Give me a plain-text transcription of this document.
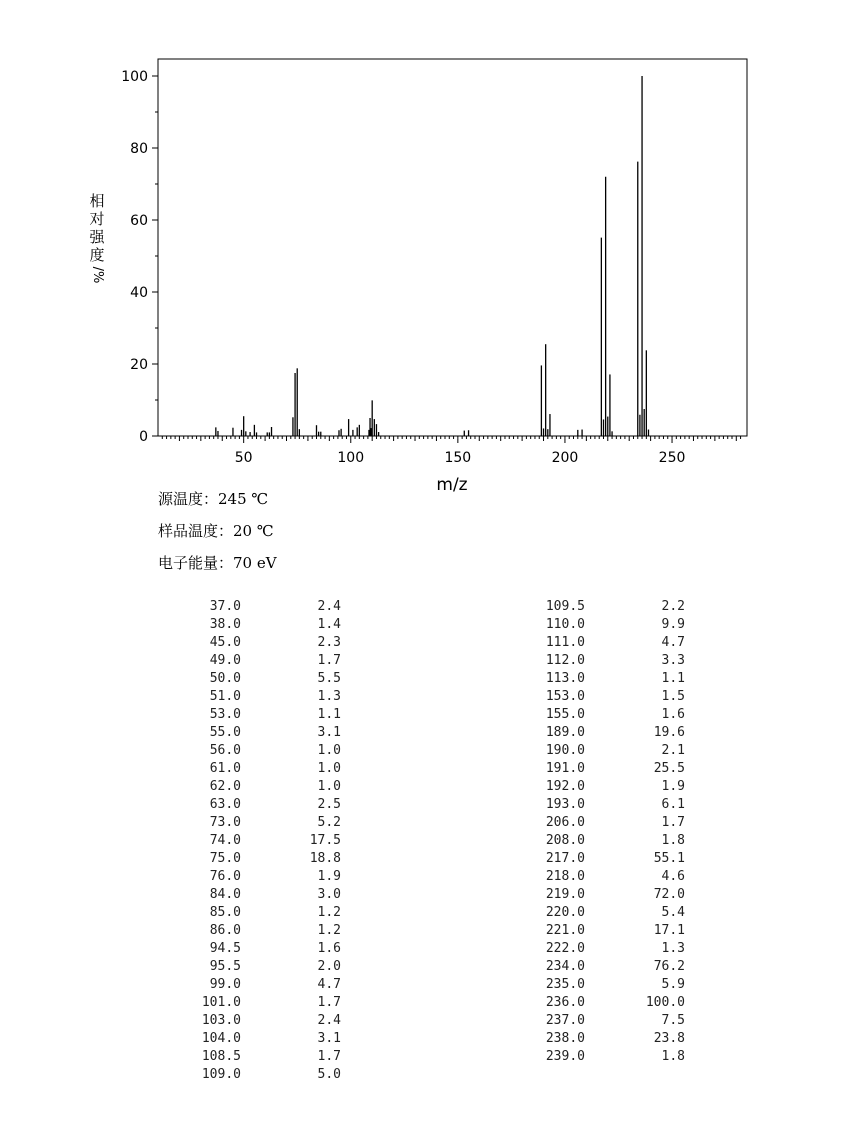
0
20
40
60
80
100
50	100	150	200	250
m/z
相对强度
/%
源温度：245 ℃
样品温度：20 ℃
电子能量：70 eV
37.0	2.4
38.0	1.4
45.0	2.3
49.0	1.7
50.0	5.5
51.0	1.3
53.0	1.1
55.0	3.1
56.0	1.0
61.0	1.0
62.0	1.0
63.0	2.5
73.0	5.2
74.0	17.5
75.0	18.8
76.0	1.9
84.0	3.0
85.0	1.2
86.0	1.2
94.5	1.6
95.5	2.0
99.0	4.7
101.0	1.7
103.0	2.4
104.0	3.1
108.5	1.7
109.0	5.0
109.5	2.2
110.0	9.9
111.0	4.7
112.0	3.3
113.0	1.1
153.0	1.5
155.0	1.6
189.0	19.6
190.0	2.1
191.0	25.5
192.0	1.9
193.0	6.1
206.0	1.7
208.0	1.8
217.0	55.1
218.0	4.6
219.0	72.0
220.0	5.4
221.0	17.1
222.0	1.3
234.0	76.2
235.0	5.9
236.0	100.0
237.0	7.5
238.0	23.8
239.0	1.8
